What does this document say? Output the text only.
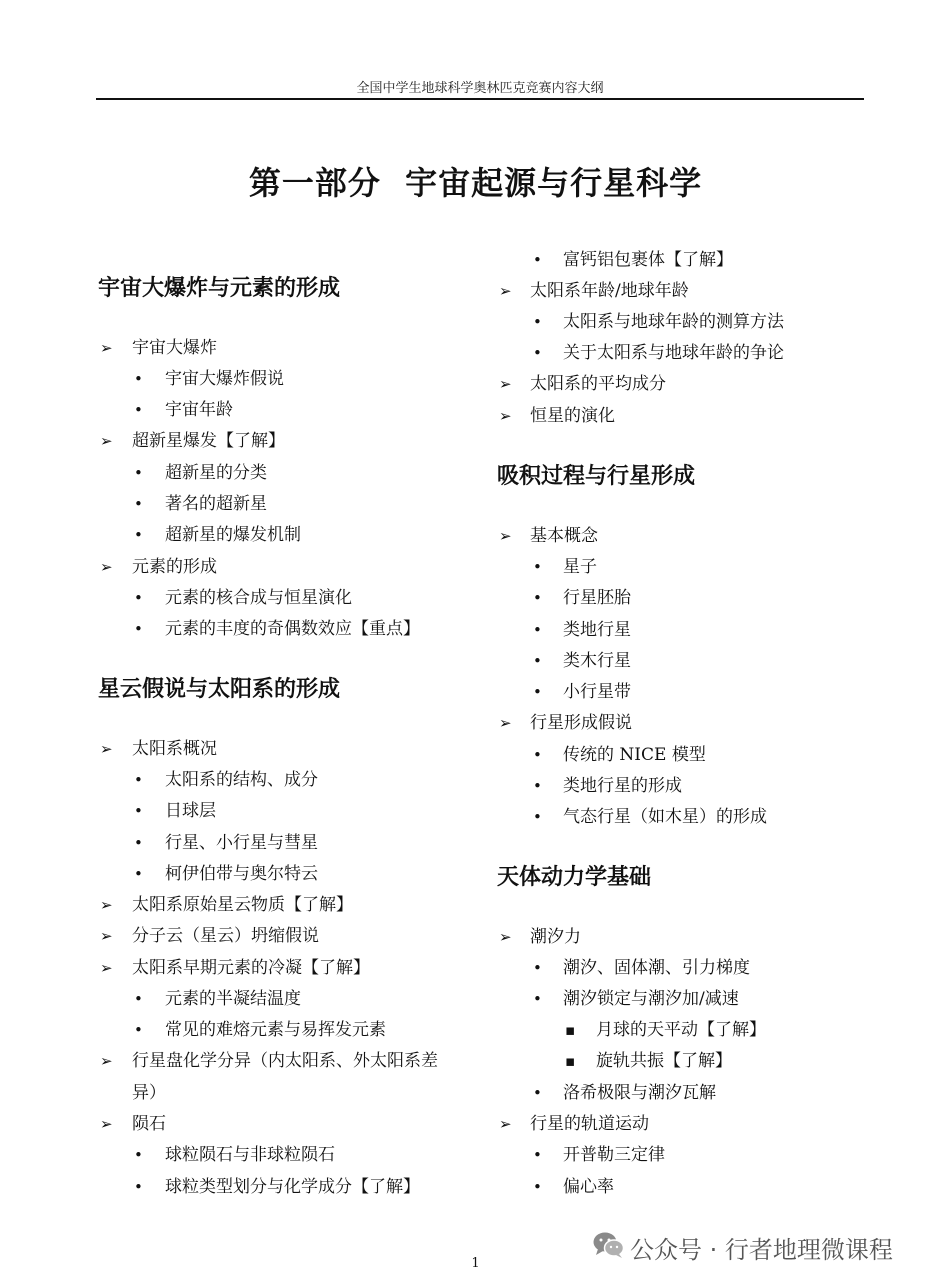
全国中学生地球科学奥林匹克竞赛内容大纲
第一部分  宇宙起源与行星科学
宇宙大爆炸与元素的形成
➢ 宇宙大爆炸
• 宇宙大爆炸假说
• 宇宙年龄
➢ 超新星爆发【了解】
• 超新星的分类
• 著名的超新星
• 超新星的爆发机制
➢ 元素的形成
• 元素的核合成与恒星演化
• 元素的丰度的奇偶数效应【重点】
星云假说与太阳系的形成
➢ 太阳系概况
• 太阳系的结构、成分
• 日球层
• 行星、小行星与彗星
• 柯伊伯带与奥尔特云
➢ 太阳系原始星云物质【了解】
➢ 分子云（星云）坍缩假说
➢ 太阳系早期元素的冷凝【了解】
• 元素的半凝结温度
• 常见的难熔元素与易挥发元素
➢ 行星盘化学分异（内太阳系、外太阳系差
异）
➢ 陨石
• 球粒陨石与非球粒陨石
• 球粒类型划分与化学成分【了解】
• 富钙铝包裹体【了解】
➢ 太阳系年龄/地球年龄
• 太阳系与地球年龄的测算方法
• 关于太阳系与地球年龄的争论
➢ 太阳系的平均成分
➢ 恒星的演化
吸积过程与行星形成
➢ 基本概念
• 星子
• 行星胚胎
• 类地行星
• 类木行星
• 小行星带
➢ 行星形成假说
• 传统的 NICE 模型
• 类地行星的形成
• 气态行星（如木星）的形成
天体动力学基础
➢ 潮汐力
• 潮汐、固体潮、引力梯度
• 潮汐锁定与潮汐加/减速
▪ 月球的天平动【了解】
▪ 旋轨共振【了解】
• 洛希极限与潮汐瓦解
➢ 行星的轨道运动
• 开普勒三定律
• 偏心率
公众号 · 行者地理微课程
1
